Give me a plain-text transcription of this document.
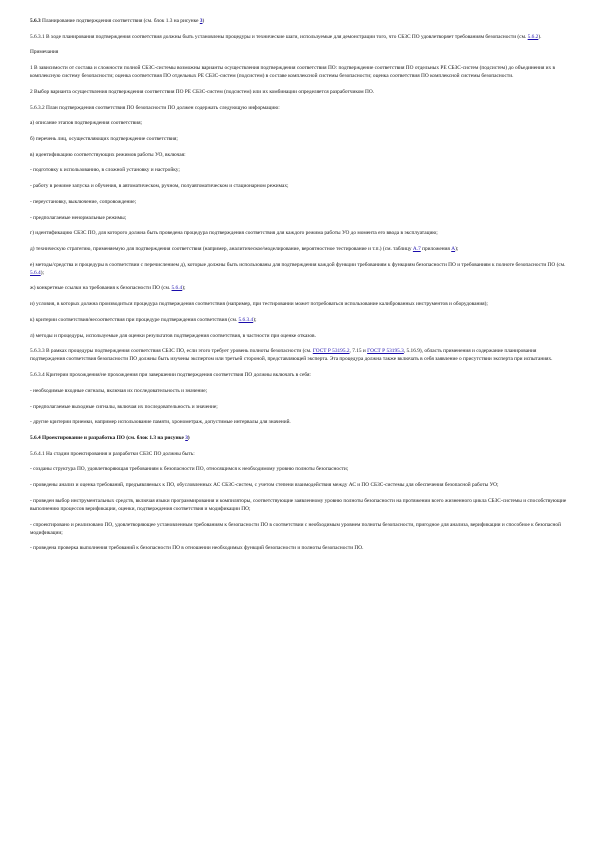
5.6.3 Планирование подтверждения соответствия (см. блок 1.3 на рисунке 3)

5.6.3.1 В ходе планирования подтверждения соответствия должны быть установлены процедуры и технические шаги, используемые для демонстрации того, что СБЗС ПО удовлетворяет требованиям безопасности (см. 5.6.2).

Примечания

1 В зависимости от состава и сложности полной СБЗС-системы возможны варианты осуществления подтверждения соответствия ПО: подтверждение соответствия ПО отдельных РЕ СБЗС-систем (подсистем) до объединения их в комплексную систему безопасности; оценка соответствия ПО отдельных РЕ СБЗС-систем (подсистем) в составе комплексной системы безопасности; оценка соответствия ПО комплексной системы безопасности.

2 Выбор варианта осуществления подтверждения соответствия ПО РЕ СБЗС-систем (подсистем) или их комбинации определяется разработчиком ПО.

5.6.3.2 План подтверждения соответствия ПО безопасности ПО должен содержать следующую информацию:

а) описание этапов подтверждения соответствия;

б) перечень лиц, осуществляющих подтверждение соответствия;

в) идентификацию соответствующих режимов работы УО, включая:

- подготовку к использованию, в сложной установку и настройку;

- работу в режиме запуска и обучения, в автоматическом, ручном, полуавтоматическом и стационарном режимах;

- переустановку, выключение, сопровождение;

- предполагаемые ненормальные режимы;

г) идентификацию СБЗС ПО, для которого должна быть проведена процедура подтверждения соответствия для каждого режима работы УО до момента его ввода в эксплуатацию;

д) техническую стратегию, применяемую для подтверждения соответствия (например, аналитическое/моделирование, вероятностное тестирование и т.п.) (см. таблицу А.7 приложения А);

е) методы/средства и процедуры в соответствии с перечислением д), которые должны быть использованы для подтверждения каждой функции требованиям к функциям безопасности ПО и требованиям к полноте безопасности ПО (см. 5.6.4);

ж) конкретные ссылки на требования к безопасности ПО (см. 5.6.4);

и) условия, в которых должна производиться процедура подтверждения соответствия (например, при тестировании может потребоваться использование калиброванных инструментов и оборудования);

к) критерии соответствия/несоответствия при процедуре подтверждения соответствия (см. 5.6.3.4);

л) методы и процедуры, используемые для оценки результатов подтверждения соответствия, в частности при оценке отказов.

5.6.3.3 В рамках процедуры подтверждения соответствия СБЗС ПО, если этого требует уровень полноты безопасности (см. ГОСТ Р 53195.2, 7.15 и ГОСТ Р 53195.3, 5.16.9), область применения и содержание планирования подтверждения соответствия безопасности ПО должны быть изучены экспертом или третьей стороной, представляющей эксперта. Эта процедура должна также включать в себя заявление о присутствии эксперта при испытаниях.

5.6.3.4 Критерии прохождения/не прохождения при завершении подтверждения соответствия ПО должны включать в себя:

- необходимые входные сигналы, включая их последовательность и значение;

- предполагаемые выходные сигналы, включая их последовательность и значение;

- другие критерии приемки, например использование памяти, хронометраж, допустимые интервалы для значений.

5.6.4 Проектирование и разработка ПО (см. блок 1.3 на рисунке 3)

5.6.4.1 На стадии проектирования и разработки СБЗС ПО должны быть:

- созданы структура ПО, удовлетворяющая требованиям к безопасности ПО, относящимся к необходимому уровню полноты безопасности;

- проведены анализ и оценка требований, предъявляемых к ПО, обусловленных АС СБЗС-систем, с учетом степени взаимодействия между АС и ПО СБЗС-системы для обеспечения безопасной работы УО;

- проведен выбор инструментальных средств, включая языки программирования и компиляторы, соответствующие заявленному уровню полноты безопасности на протяжении всего жизненного цикла СБЗС-системы и способствующие выполнению процессов верификации, оценки, подтверждения соответствия и модификации ПО;

- спроектировано и реализовано ПО, удовлетворяющее установленным требованиям к безопасности ПО в соответствии с необходимым уровнем полноты безопасности, пригодное для анализа, верификации и способное к безопасной модификации;

- проведена проверка выполнения требований к безопасности ПО в отношении необходимых функций безопасности и полноты безопасности ПО.
